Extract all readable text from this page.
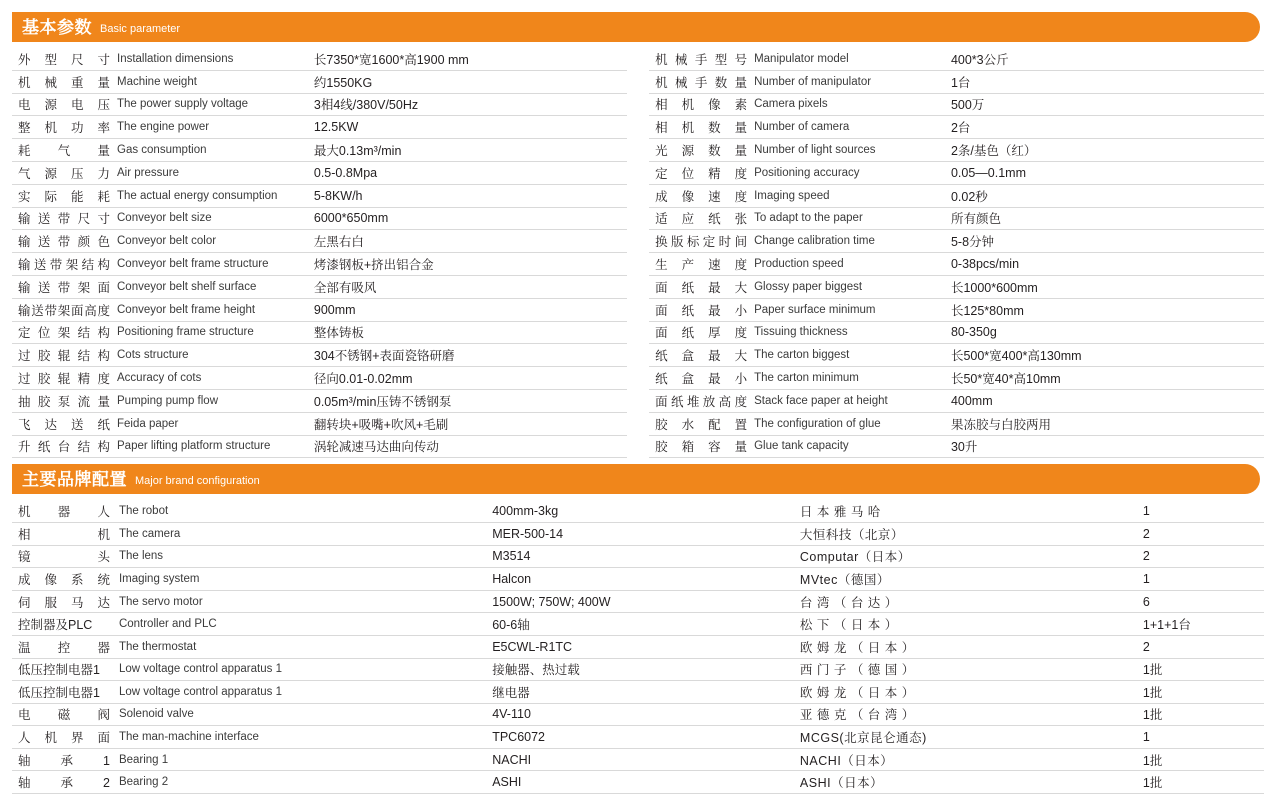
基本参数 Basic parameter
外型尺寸	Installation dimensions	长7350*宽1600*高1900 mm		机械手型号	Manipulator model	400*3公斤

机械重量	Machine weight	约1550KG		机械手数量	Number of manipulator	1台

电源电压	The power supply voltage	3相4线/380V/50Hz		相机像素	Camera pixels	500万

整机功率	The engine power	12.5KW		相机数量	Number of camera	2台

耗气量	Gas consumption	最大0.13m³/min		光源数量	Number of light sources	2条/基色（红）

气源压力	Air pressure	0.5-0.8Mpa		定位精度	Positioning accuracy	0.05—0.1mm

实际能耗	The actual energy consumption	5-8KW/h		成像速度	Imaging speed	0.02秒

输送带尺寸	Conveyor belt size	6000*650mm		适应纸张	To adapt to the paper	所有颜色

输送带颜色	Conveyor belt color	左黑右白		换版标定时间	Change calibration time	5-8分钟

输送带架结构	Conveyor belt frame structure	烤漆钢板+挤出铝合金		生产速度	Production speed	0-38pcs/min

输送带架面	Conveyor belt shelf surface	全部有吸风		面纸最大	Glossy paper biggest	长1000*600mm

输送带架面高度	Conveyor belt frame height	900mm		面纸最小	Paper surface minimum	长125*80mm

定位架结构	Positioning frame structure	整体铸板		面纸厚度	Tissuing thickness	80-350g

过胶辊结构	Cots structure	304不锈钢+表面瓷铬研磨		纸盒最大	The carton biggest	长500*宽400*高130mm

过胶辊精度	Accuracy of cots	径向0.01-0.02mm		纸盒最小	The carton minimum	长50*宽40*高10mm

抽胶泵流量	Pumping pump flow	0.05m³/min压铸不锈钢泵		面纸堆放高度	Stack face paper at height	400mm

飞达送纸	Feida paper	翻转块+吸嘴+吹风+毛刷		胶水配置	The configuration of glue	果冻胶与白胶两用

升纸台结构	Paper lifting platform structure	涡轮减速马达曲向传动		胶箱容量	Glue tank capacity	30升
主要品牌配置 Major brand configuration
机器人	The robot	400mm-3kg	日 本 雅 马 哈	1

相机	The camera	MER-500-14	大恒科技（北京）	2

镜头	The lens	M3514	Computar（日本）	2

成像系统	Imaging system	Halcon	MVtec（德国）	1

伺服马达	The servo motor	1500W; 750W; 400W	台 湾 （ 台 达 ）	6

控制器及PLC	Controller and PLC	60-6轴	松 下 （ 日 本 ）	1+1+1台

温控器	The thermostat	E5CWL-R1TC	欧 姆 龙 （ 日 本 ）	2

低压控制电器1	Low voltage control apparatus 1	接触器、热过载	西 门 子 （ 德 国 ）	1批

低压控制电器1	Low voltage control apparatus 1	继电器	欧 姆 龙 （ 日 本 ）	1批

电磁阀	Solenoid valve	4V-110	亚 德 克 （ 台 湾 ）	1批

人机界面	The man-machine interface	TPC6072	MCGS(北京昆仑通态)	1

轴承1	Bearing 1	NACHI	NACHI（日本）	1批

轴承2	Bearing 2	ASHI	ASHI（日本）	1批
